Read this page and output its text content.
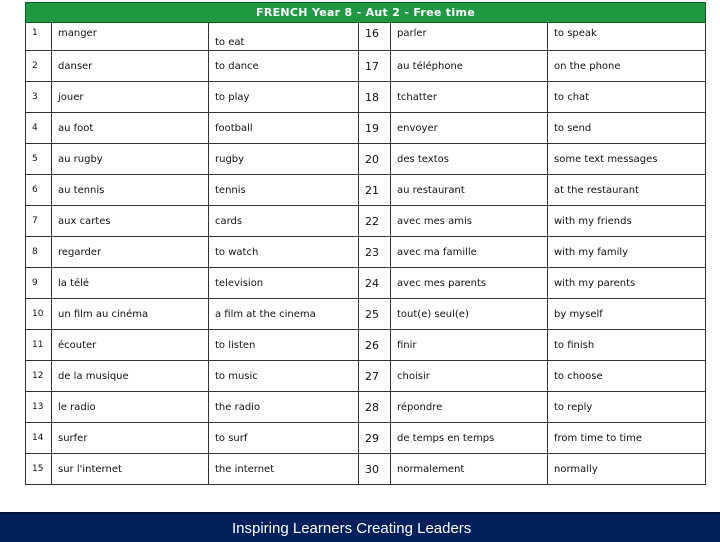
1	manger	to eat	16	parler	to speak
2	danser	to dance	17	au téléphone	on the phone
3	jouer	to play	18	tchatter	to chat
4	au foot	football	19	envoyer	to send
5	au rugby	rugby	20	des textos	some text messages
6	au tennis	tennis	21	au restaurant	at the restaurant
7	aux cartes	cards	22	avec mes amis	with my friends
8	regarder	to watch	23	avec ma famille	with my family
9	la télé	television	24	avec mes parents	with my parents
10	un film au cinéma	a film at the cinema	25	tout(e) seul(e)	by myself
11	écouter	to listen	26	finir	to finish
12	de la musique	to music	27	choisir	to choose
13	le radio	the radio	28	répondre	to reply
14	surfer	to surf	29	de temps en temps	from time to time
15	sur l'internet	the internet	30	normalement	normally
FRENCH Year 8 - Aut 2 - Free time
Inspiring Learners Creating Leaders
